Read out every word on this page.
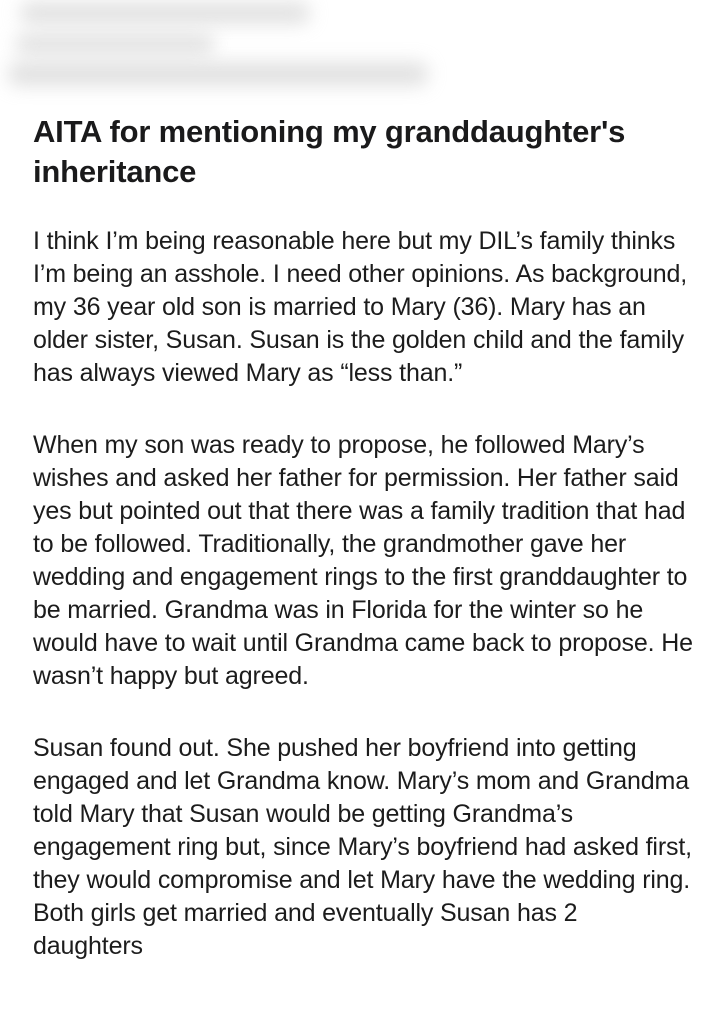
AITA for mentioning my granddaughter's inheritance

I think I’m being reasonable here but my DIL’s family thinks I’m being an asshole. I need other opinions. As background, my 36 year old son is married to Mary (36). Mary has an older sister, Susan. Susan is the golden child and the family has always viewed Mary as “less than.”

When my son was ready to propose, he followed Mary’s wishes and asked her father for permission. Her father said yes but pointed out that there was a family tradition that had to be followed. Traditionally, the grandmother gave her wedding and engagement rings to the first granddaughter to be married. Grandma was in Florida for the winter so he would have to wait until Grandma came back to propose. He wasn’t happy but agreed.

Susan found out. She pushed her boyfriend into getting engaged and let Grandma know. Mary’s mom and Grandma told Mary that Susan would be getting Grandma’s engagement ring but, since Mary’s boyfriend had asked first, they would compromise and let Mary have the wedding ring. Both girls get married and eventually Susan has 2 daughters
